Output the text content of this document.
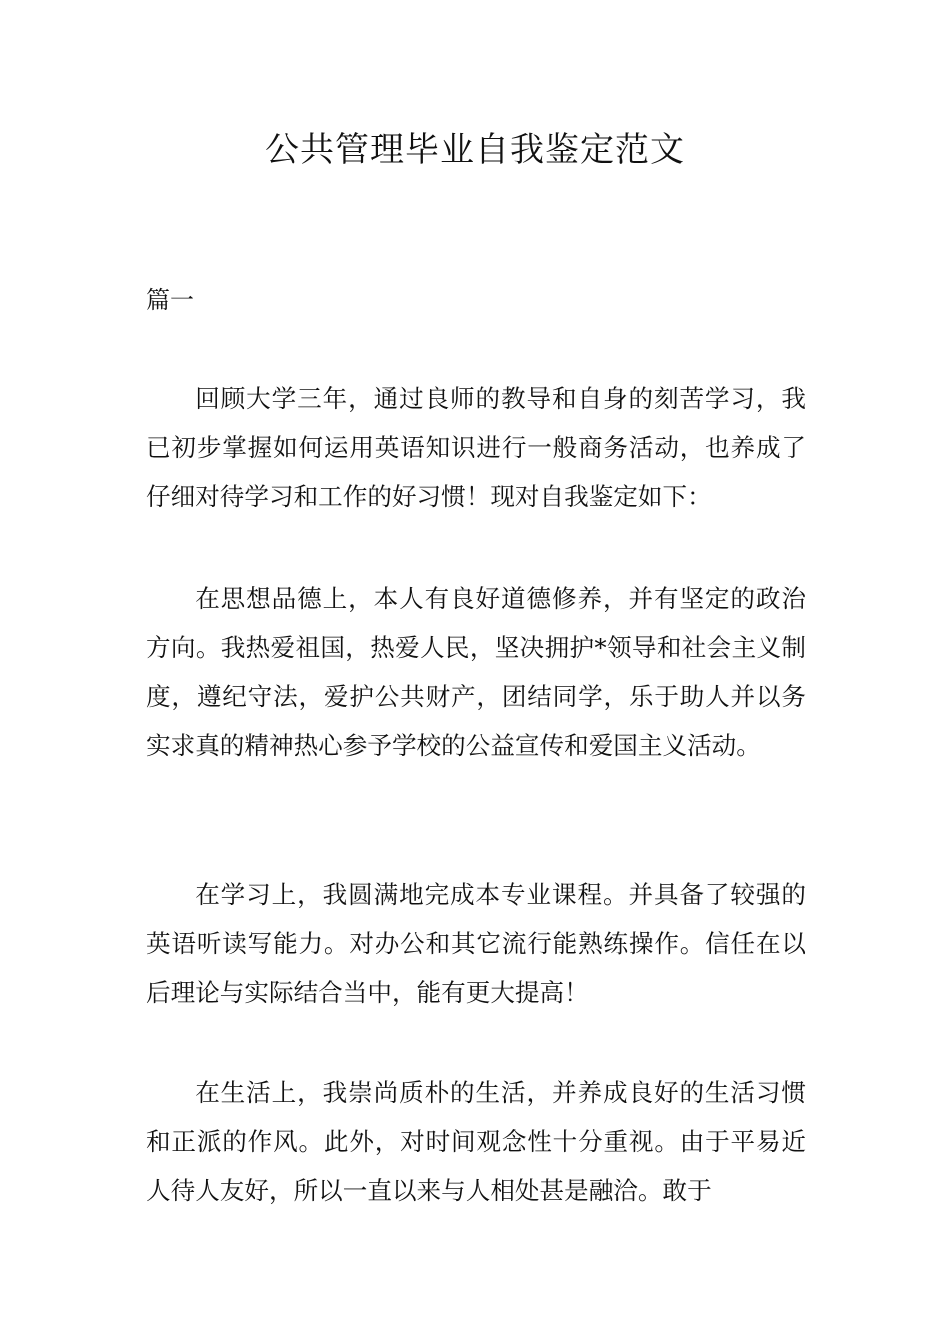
公共管理毕业自我鉴定范文

篇一

回顾大学三年，通过良师的教导和自身的刻苦学习，我已初步掌握如何运用英语知识进行一般商务活动，也养成了仔细对待学习和工作的好习惯！现对自我鉴定如下：

在思想品德上，本人有良好道德修养，并有坚定的政治方向。我热爱祖国，热爱人民，坚决拥护*领导和社会主义制度，遵纪守法，爱护公共财产，团结同学，乐于助人并以务实求真的精神热心参予学校的公益宣传和爱国主义活动。

在学习上，我圆满地完成本专业课程。并具备了较强的英语听读写能力。对办公和其它流行能熟练操作。信任在以后理论与实际结合当中，能有更大提高！

在生活上，我崇尚质朴的生活，并养成良好的生活习惯和正派的作风。此外，对时间观念性十分重视。由于平易近人待人友好，所以一直以来与人相处甚是融洽。敢于
